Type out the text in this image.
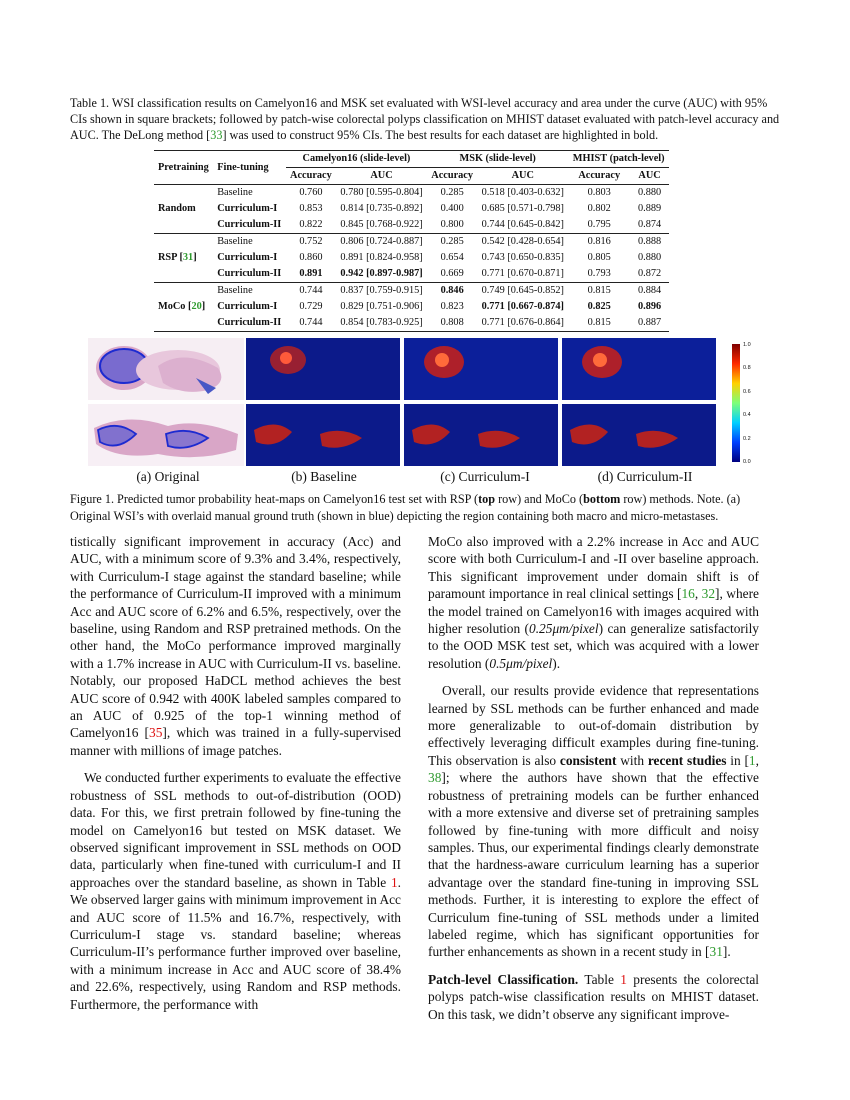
Table 1. WSI classification results on Camelyon16 and MSK set evaluated with WSI-level accuracy and area under the curve (AUC) with 95% CIs shown in square brackets; followed by patch-wise colorectal polyps classification on MHIST dataset evaluated with patch-level accuracy and AUC. The DeLong method [33] was used to construct 95% CIs. The best results for each dataset are highlighted in bold.
Pretraining	Fine-tuning	Camelyon16 (slide-level)		MSK (slide-level)		MHIST (patch-level)	
		Accuracy	AUC	Accuracy	AUC	Accuracy	AUC
Random	Baseline	0.760	0.780 [0.595-0.804]	0.285	0.518 [0.403-0.632]	0.803	0.880
	Curriculum-I	0.853	0.814 [0.735-0.892]	0.400	0.685 [0.571-0.798]	0.802	0.889
	Curriculum-II	0.822	0.845 [0.768-0.922]	0.800	0.744 [0.645-0.842]	0.795	0.874
RSP [31]	Baseline	0.752	0.806 [0.724-0.887]	0.285	0.542 [0.428-0.654]	0.816	0.888
	Curriculum-I	0.860	0.891 [0.824-0.958]	0.654	0.743 [0.650-0.835]	0.805	0.880
	Curriculum-II	0.891	0.942 [0.897-0.987]	0.669	0.771 [0.670-0.871]	0.793	0.872
MoCo [20]	Baseline	0.744	0.837 [0.759-0.915]	0.846	0.749 [0.645-0.852]	0.815	0.884
	Curriculum-I	0.729	0.829 [0.751-0.906]	0.823	0.771 [0.667-0.874]	0.825	0.896
	Curriculum-II	0.744	0.854 [0.783-0.925]	0.808	0.771 [0.676-0.864]	0.815	0.887
1.0
0.8
0.6
0.4
0.2
0.0
(a) Original	(b) Baseline	(c) Curriculum-I	(d) Curriculum-II
Figure 1. Predicted tumor probability heat-maps on Camelyon16 test set with RSP (top row) and MoCo (bottom row) methods. Note. (a) Original WSI’s with overlaid manual ground truth (shown in blue) depicting the region containing both macro and micro-metastases.

tistically significant improvement in accuracy (Acc) and AUC, with a minimum score of 9.3% and 3.4%, respectively, with Curriculum-I stage against the standard baseline; while the performance of Curriculum-II improved with a minimum Acc and AUC score of 6.2% and 6.5%, respectively, over the baseline, using Random and RSP pretrained methods. On the other hand, the MoCo performance improved marginally with a 1.7% increase in AUC with Curriculum-II vs. baseline. Notably, our proposed HaDCL method achieves the best AUC score of 0.942 with 400K labeled samples compared to an AUC of 0.925 of the top-1 winning method of Camelyon16 [35], which was trained in a fully-supervised manner with millions of image patches.

We conducted further experiments to evaluate the effective robustness of SSL methods to out-of-distribution (OOD) data. For this, we first pretrain followed by fine-tuning the model on Camelyon16 but tested on MSK dataset. We observed significant improvement in SSL methods on OOD data, particularly when fine-tuned with curriculum-I and II approaches over the standard baseline, as shown in Table 1. We observed larger gains with minimum improvement in Acc and AUC score of 11.5% and 16.7%, respectively, with Curriculum-I stage vs. standard baseline; whereas Curriculum-II’s performance further improved over baseline, with a minimum increase in Acc and AUC score of 38.4% and 22.6%, respectively, using Random and RSP methods. Furthermore, the performance with

MoCo also improved with a 2.2% increase in Acc and AUC score with both Curriculum-I and -II over baseline approach. This significant improvement under domain shift is of paramount importance in real clinical settings [16, 32], where the model trained on Camelyon16 with images acquired with higher resolution (0.25μm/pixel) can generalize satisfactorily to the OOD MSK test set, which was acquired with a lower resolution (0.5μm/pixel).

Overall, our results provide evidence that representations learned by SSL methods can be further enhanced and made more generalizable to out-of-domain distribution by effectively leveraging difficult examples during fine-tuning. This observation is also consistent with recent studies in [1, 38]; where the authors have shown that the effective robustness of pretraining models can be further enhanced with a more extensive and diverse set of pretraining samples followed by fine-tuning with more difficult and noisy samples. Thus, our experimental findings clearly demonstrate that the hardness-aware curriculum learning has a superior advantage over the standard fine-tuning in improving SSL methods. Further, it is interesting to explore the effect of Curriculum fine-tuning of SSL methods under a limited labeled regime, which has significant opportunities for further enhancements as shown in a recent study in [31].

Patch-level Classification. Table 1 presents the colorectal polyps patch-wise classification results on MHIST dataset. On this task, we didn’t observe any significant improve-
